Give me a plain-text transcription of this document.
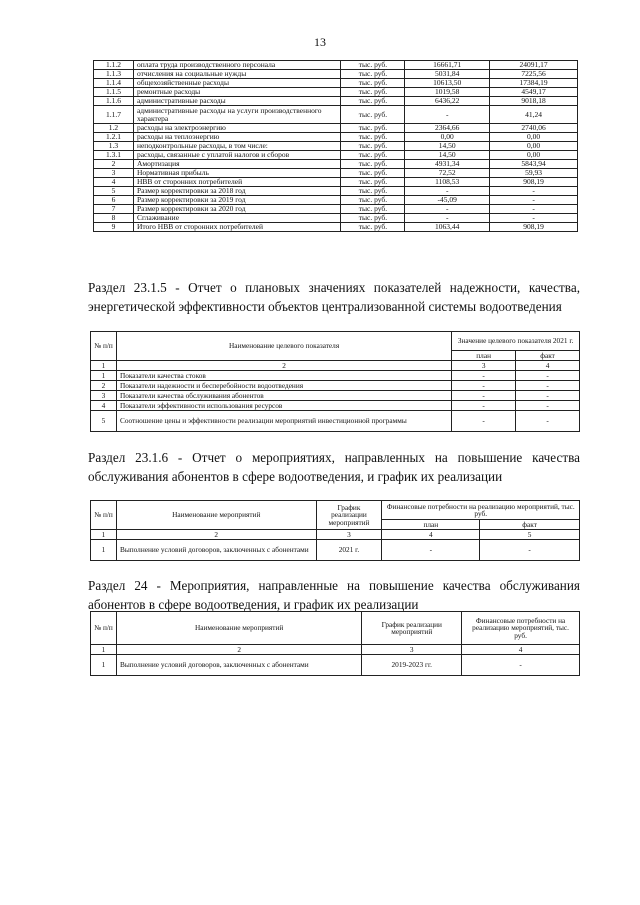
13
1.1.2	оплата труда производственного персонала	тыс. руб.	16661,71	24091,17
1.1.3	отчисления на социальные нужды	тыс. руб.	5031,84	7225,56
1.1.4	общехозяйственные расходы	тыс. руб.	10613,50	17384,19
1.1.5	ремонтные расходы	тыс. руб.	1019,58	4549,17
1.1.6	административные расходы	тыс. руб.	6436,22	9018,18
1.1.7	административные расходы на услуги производственного характера	тыс. руб.	-	41,24
1.2	расходы на электроэнергию	тыс. руб.	2364,66	2740,06
1.2.1	расходы на теплоэнергию	тыс. руб.	0,00	0,00
1.3	неподконтрольные расходы, в том числе:	тыс. руб.	14,50	0,00
1.3.1	расходы, связанные с уплатой налогов и сборов	тыс. руб.	14,50	0,00
2	Амортизация	тыс. руб.	4931,34	5843,94
3	Нормативная прибыль	тыс. руб.	72,52	59,93
4	НВВ от сторонних потребителей	тыс. руб.	1108,53	908,19
5	Размер корректировки за 2018 год	тыс. руб.	-	-
6	Размер корректировки за 2019 год	тыс. руб.	-45,09	-
7	Размер корректировки за 2020 год	тыс. руб.	-	-
8	Сглаживание	тыс. руб.	-	-
9	Итого НВВ от сторонних потребителей	тыс. руб.	1063,44	908,19
Раздел 23.1.5 - Отчет о плановых значениях показателей надежности, качества, энергетической эффективности объектов централизованной системы водоотведения
№ п/п	Наименование целевого показателя	Значение целевого показателя 2021 г.	
		план	факт
1	2	3	4
1	Показатели качества стоков	-	-
2	Показатели надежности и бесперебойности водоотведения	-	-
3	Показатели качества обслуживания абонентов	-	-
4	Показатели эффективности использования ресурсов	-	-
5	Соотношение цены и эффективности реализации мероприятий инвестиционной программы	-	-
Раздел 23.1.6 - Отчет о мероприятиях, направленных на повышение качества обслуживания абонентов в сфере водоотведения, и график их реализации
№ п/п	Наименование мероприятий	График реализации мероприятий	Финансовые потребности на реализацию мероприятий, тыс. руб.	
			план	факт
1	2	3	4	5
1	Выполнение условий договоров, заключенных с абонентами	2021 г.	-	-
Раздел 24 - Мероприятия, направленные на повышение качества обслуживания абонентов в сфере водоотведения, и график их реализации
№ п/п	Наименование мероприятий	График реализации мероприятий	Финансовые потребности на реализацию мероприятий, тыс. руб.
1	2	3	4
1	Выполнение условий договоров, заключенных с абонентами	2019-2023 гг.	-
